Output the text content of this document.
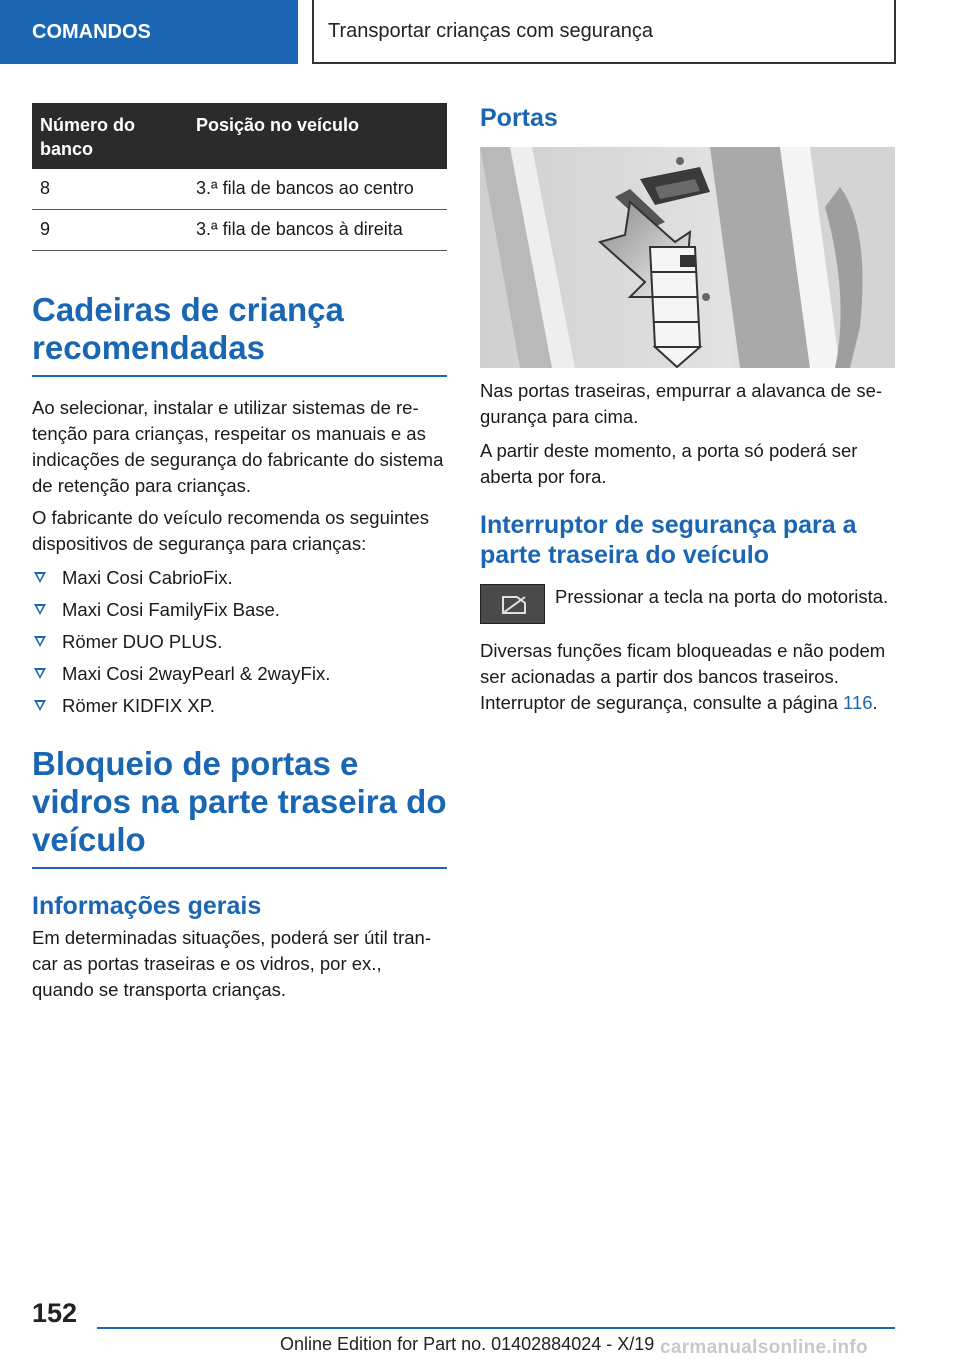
COMANDOS	Transportar crianças com segurança
Número do banco	Posição no veículo
8	3.ª fila de bancos ao centro
9	3.ª fila de bancos à direita
Cadeiras de criança recomendadas

Ao selecionar, instalar e utilizar sistemas de retenção para crianças, respeitar os manuais e as indicações de segurança do fabricante do sistema de retenção para crianças.

O fabricante do veículo recomenda os seguintes dispositivos de segurança para crianças:

Maxi Cosi CabrioFix.
Maxi Cosi FamilyFix Base.
Römer DUO PLUS.
Maxi Cosi 2wayPearl & 2wayFix.
Römer KIDFIX XP.
Bloqueio de portas e vidros na parte traseira do veículo
Informações gerais

Em determinadas situações, poderá ser útil trancar as portas traseiras e os vidros, por ex., quando se transporta crianças.

Portas

Nas portas traseiras, empurrar a alavanca de segurança para cima.

A partir deste momento, a porta só poderá ser aberta por fora.

Interruptor de segurança para a parte traseira do veículo

Pressionar a tecla na porta do motorista.

Diversas funções ficam bloqueadas e não podem ser acionadas a partir dos bancos traseiros. Interruptor de segurança, consulte a página 116.

152
Online Edition for Part no. 01402884024 - X/19 carmanualsonline.info
